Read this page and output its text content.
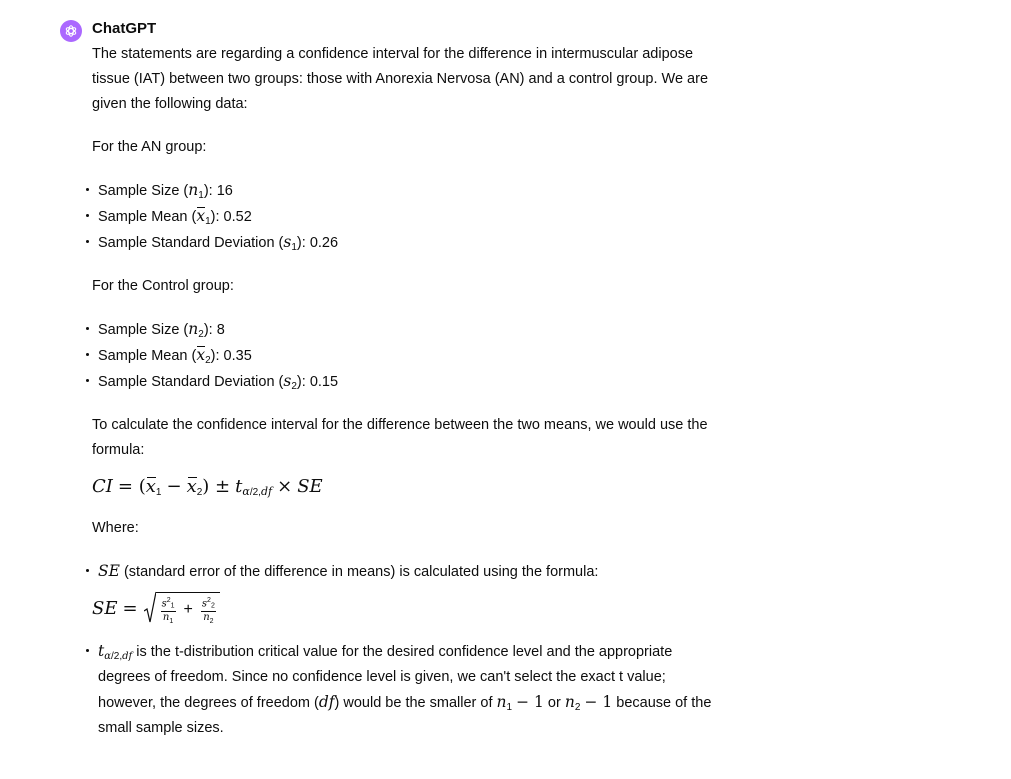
ChatGPT

The statements are regarding a confidence interval for the difference in intermuscular adipose tissue (IAT) between two groups: those with Anorexia Nervosa (AN) and a control group. We are given the following data:

For the AN group:

Sample Size $(n_1)$: 16
Sample Mean $(x_1)$: 0.52
Sample Standard Deviation $(s_1)$: 0.26

For the Control group:

Sample Size $(n_2)$: 8
Sample Mean $(x_2)$: 0.35
Sample Standard Deviation $(s_2)$: 0.15

To calculate the confidence interval for the difference between the two means, we would use the formula:

CI = $(x_1 - x_2) \pm t_{\alpha/2,df}$ × SE

Where:

SE (standard error of the difference in means) is calculated using the formula:
SE
= $\frac{s^2_1}{n_1} + \frac{s^2_2}{n_2}$
$t_{\alpha/2,df}$ is the t-distribution critical value for the desired confidence level and the appropriate degrees of freedom. Since no confidence level is given, we can't select the exact t value; however, the degrees of freedom (df) would be the smaller of $n_1 - 1$ or $n_2 - 1$ because of the small sample sizes.
